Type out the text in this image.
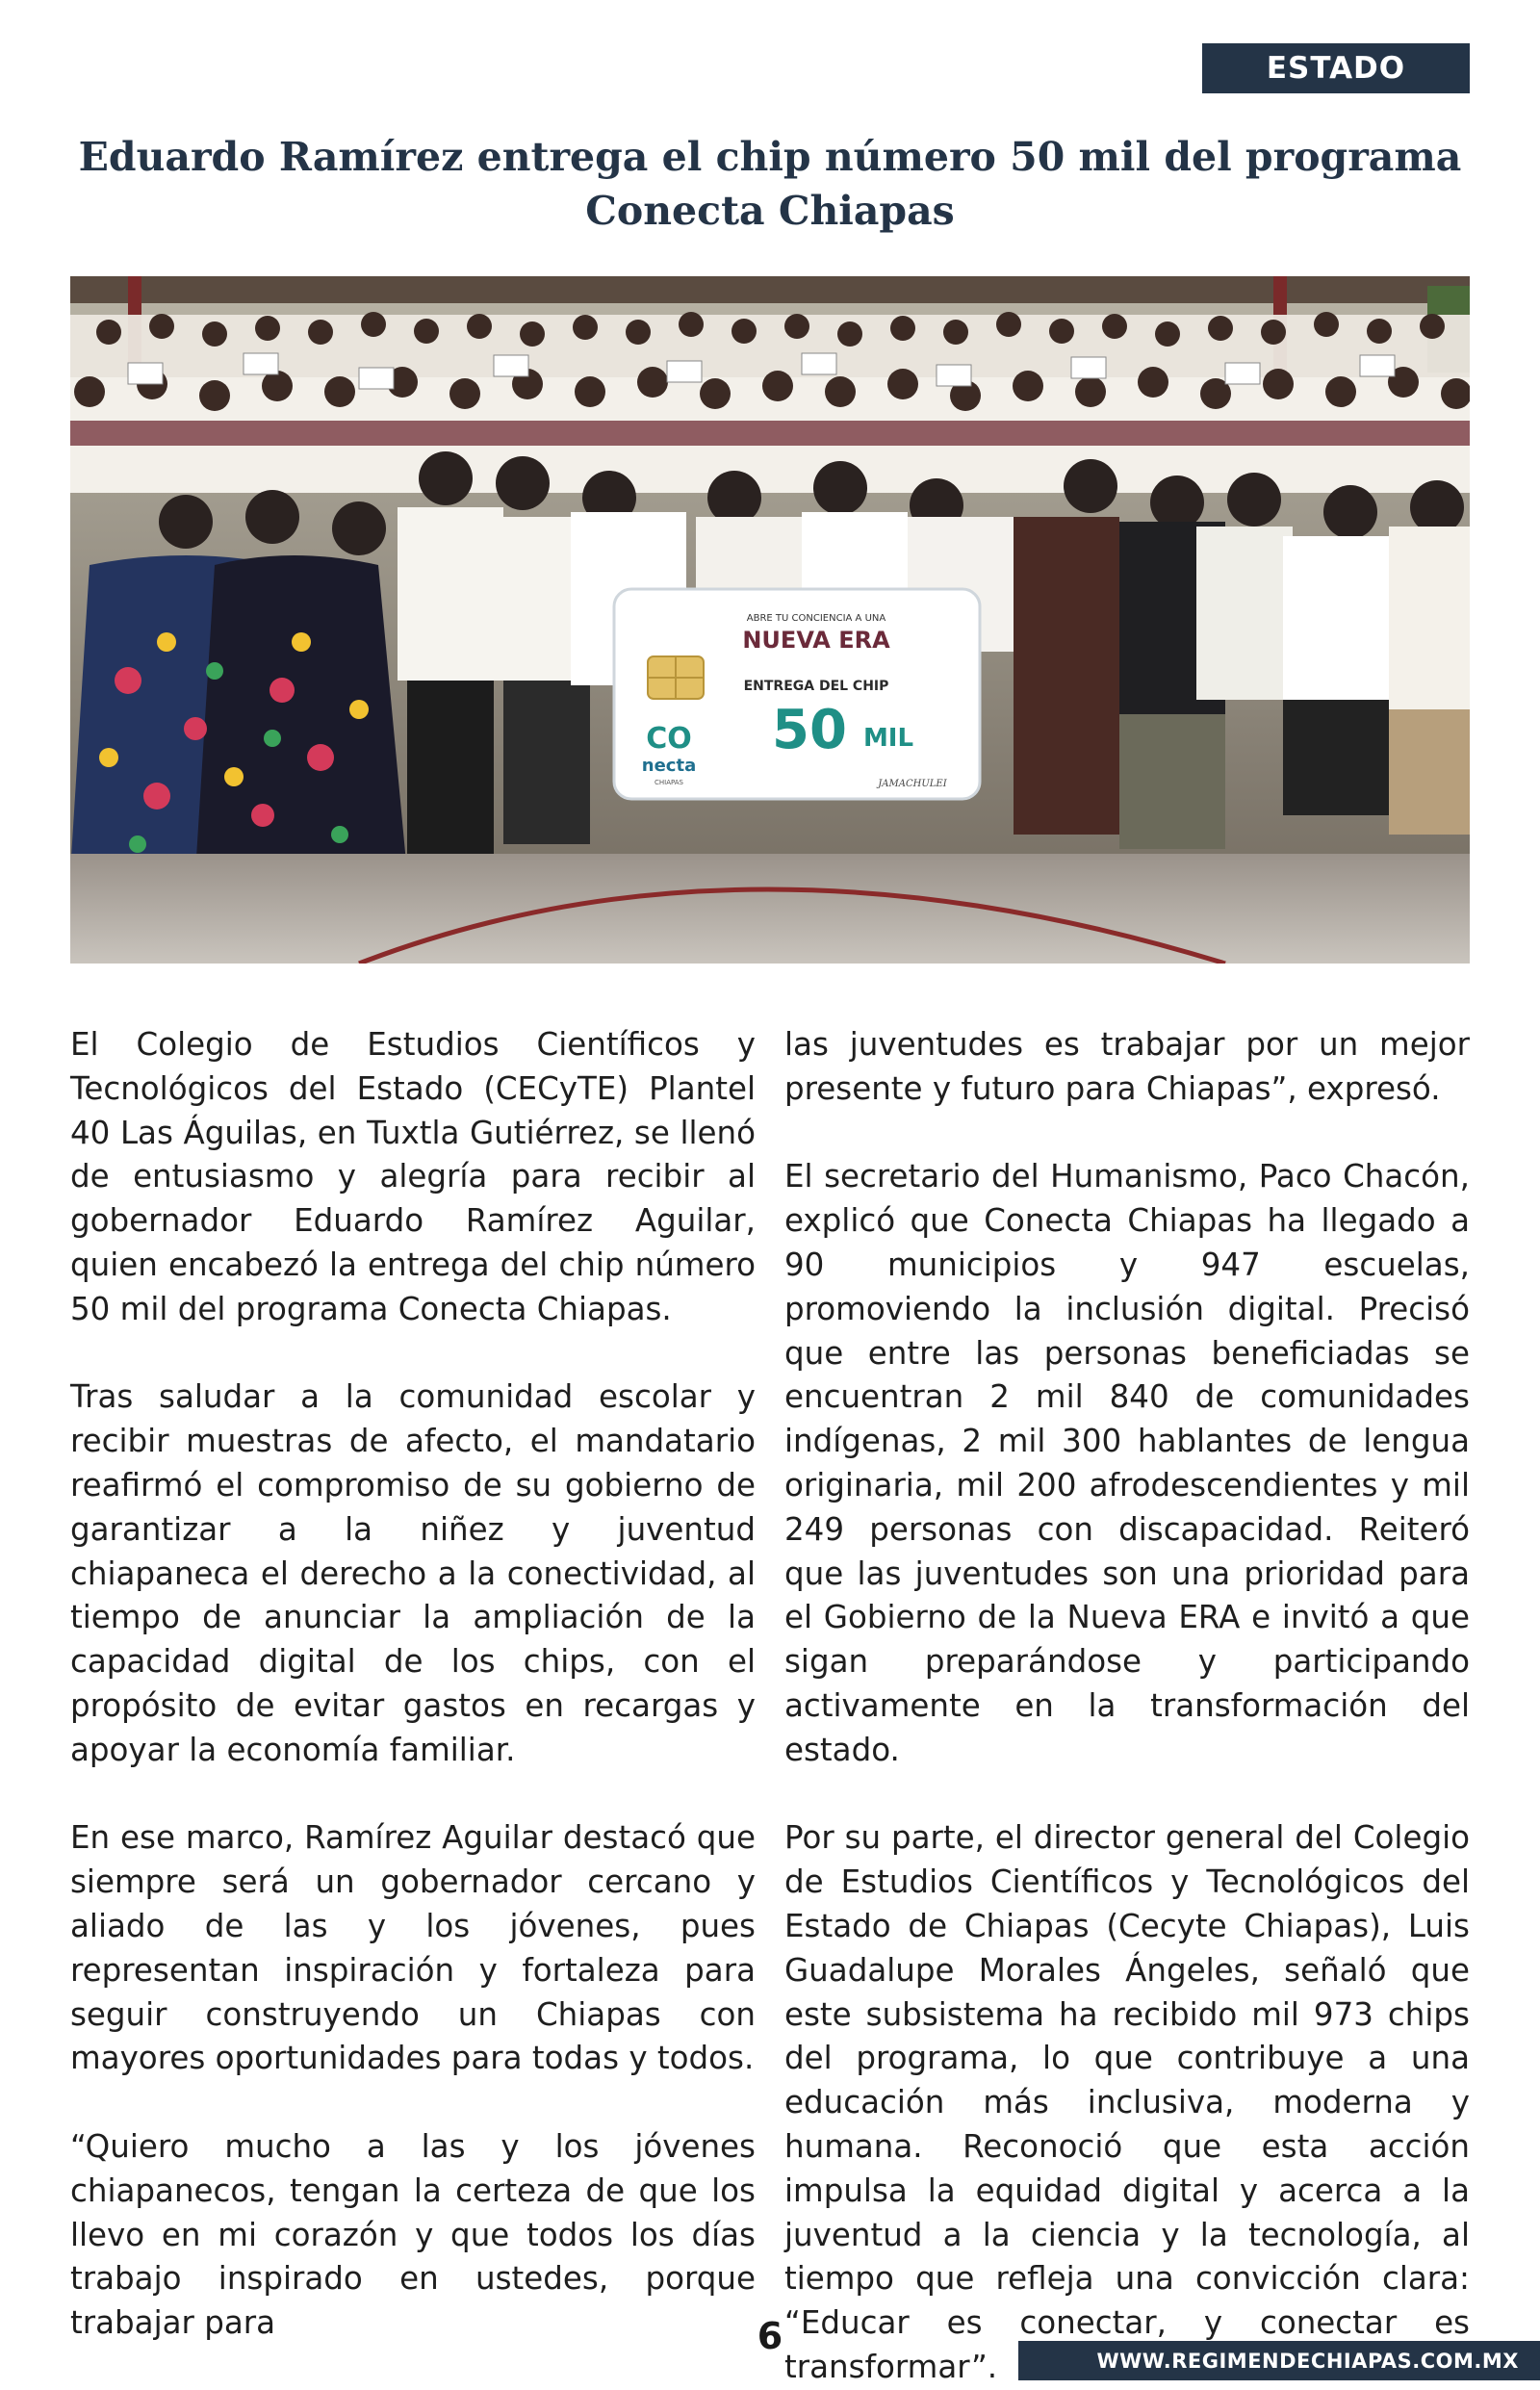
ESTADO
Eduardo Ramírez entrega el chip número 50 mil del programa Conecta Chiapas
ABRE TU CONCIENCIA A UNA
NUEVA ERA
ENTREGA DEL CHIP
50 MIL
CO
necta
CHIAPAS	JAMACHULEI

El Colegio de Estudios Científicos y Tecnológicos del Estado (CECyTE) Plantel 40 Las Águilas, en Tuxtla Gutiérrez, se llenó de entusiasmo y alegría para recibir al gobernador Eduardo Ramírez Aguilar, quien encabezó la entrega del chip número 50 mil del programa Conecta Chiapas.

Tras saludar a la comunidad escolar y recibir muestras de afecto, el mandatario reafirmó el compromiso de su gobierno de garantizar a la niñez y juventud chiapaneca el derecho a la conectividad, al tiempo de anunciar la ampliación de la capacidad digital de los chips, con el propósito de evitar gastos en recargas y apoyar la economía familiar.

En ese marco, Ramírez Aguilar destacó que siempre será un gobernador cercano y aliado de las y los jóvenes, pues representan inspiración y fortaleza para seguir construyendo un Chiapas con mayores oportunidades para todas y todos.

“Quiero mucho a las y los jóvenes chiapanecos, tengan la certeza de que los llevo en mi corazón y que todos los días trabajo inspirado en ustedes, porque trabajar para

las juventudes es trabajar por un mejor presente y futuro para Chiapas”, expresó.

El secretario del Humanismo, Paco Chacón, explicó que Conecta Chiapas ha llegado a 90 municipios y 947 escuelas, promoviendo la inclusión digital. Precisó que entre las personas beneficiadas se encuentran 2 mil 840 de comunidades indígenas, 2 mil 300 hablantes de lengua originaria, mil 200 afrodescendientes y mil 249 personas con discapacidad. Reiteró que las juventudes son una prioridad para el Gobierno de la Nueva ERA e invitó a que sigan preparándose y participando activamente en la transformación del estado.

Por su parte, el director general del Colegio de Estudios Científicos y Tecnológicos del Estado de Chiapas (Cecyte Chiapas), Luis Guadalupe Morales Ángeles, señaló que este subsistema ha recibido mil 973 chips del programa, lo que contribuye a una educación más inclusiva, moderna y humana. Reconoció que esta acción impulsa la equidad digital y acerca a la juventud a la ciencia y la tecnología, al tiempo que refleja una convicción clara: “Educar es conectar, y conectar es transformar”.

6
WWW.REGIMENDECHIAPAS.COM.MX
